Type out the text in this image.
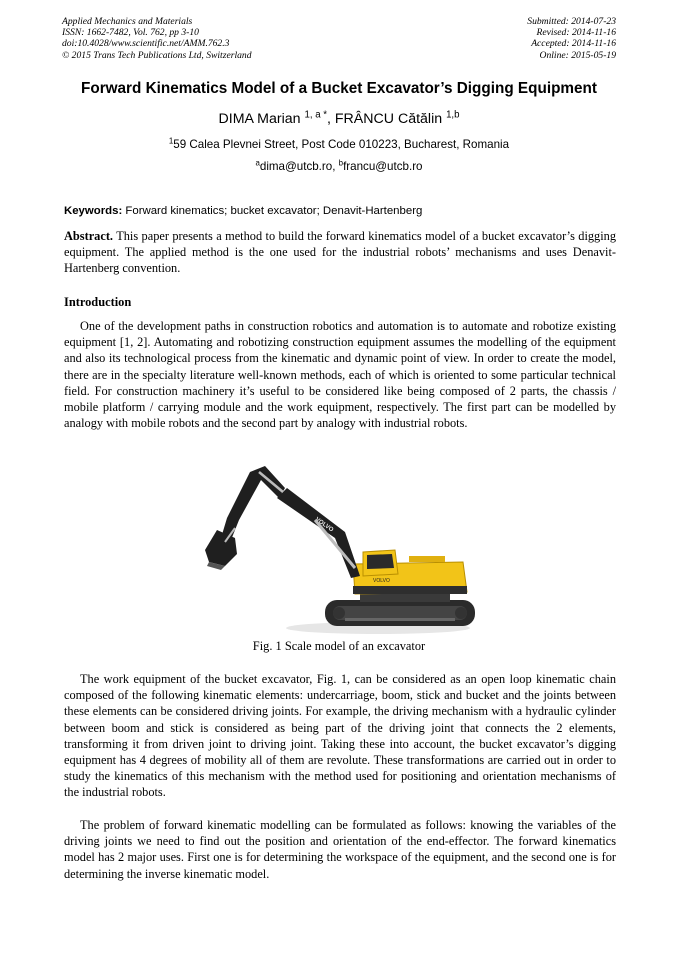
Applied Mechanics and Materials
ISSN: 1662-7482, Vol. 762, pp 3-10
doi:10.4028/www.scientific.net/AMM.762.3
© 2015 Trans Tech Publications Ltd, Switzerland
Submitted: 2014-07-23
Revised: 2014-11-16
Accepted: 2014-11-16
Online: 2015-05-19
Forward Kinematics Model of a Bucket Excavator’s Digging Equipment
DIMA Marian $^{1, a *}$, FRÂNCU Cătălin $^{1,b}$
$^1$59 Calea Plevnei Street, Post Code 010223, Bucharest, Romania
$^a$dima@utcb.ro, $^b$francu@utcb.ro
Keywords: Forward kinematics; bucket excavator; Denavit-Hartenberg
Abstract. This paper presents a method to build the forward kinematics model of a bucket excavator’s digging equipment. The applied method is the one used for the industrial robots’ mechanisms and uses Denavit-Hartenberg convention.
Introduction
One of the development paths in construction robotics and automation is to automate and robotize existing equipment [1, 2]. Automating and robotizing construction equipment assumes the modelling of the equipment and also its technological process from the kinematic and dynamic point of view. In order to create the model, there are in the specialty literature well-known methods, each of which is oriented to some particular technical field. For construction machinery it’s useful to be considered like being composed of 2 parts, the chassis / mobile platform / carrying module and the work equipment, respectively. The first part can be modelled by analogy with mobile robots and the second part by analogy with industrial robots.
VOLVO
VOLVO
Fig. 1 Scale model of an excavator
The work equipment of the bucket excavator, Fig. 1, can be considered as an open loop kinematic chain composed of the following kinematic elements: undercarriage, boom, stick and bucket and the joints between these elements can be considered driving joints. For example, the driving mechanism with a hydraulic cylinder between boom and stick is considered as being part of the driving joint that connects the 2 elements, transforming it from driven joint to driving joint. Taking these into account, the bucket excavator’s digging equipment has 4 degrees of mobility all of them are revolute. These transformations are carried out in order to study the kinematics of this mechanism with the method used for positioning and orientation mechanisms of the industrial robots.
The problem of forward kinematic modelling can be formulated as follows: knowing the variables of the driving joints we need to find out the position and orientation of the end-effector. The forward kinematics model has 2 major uses. First one is for determining the workspace of the equipment, and the second one is for determining the inverse kinematic model.
